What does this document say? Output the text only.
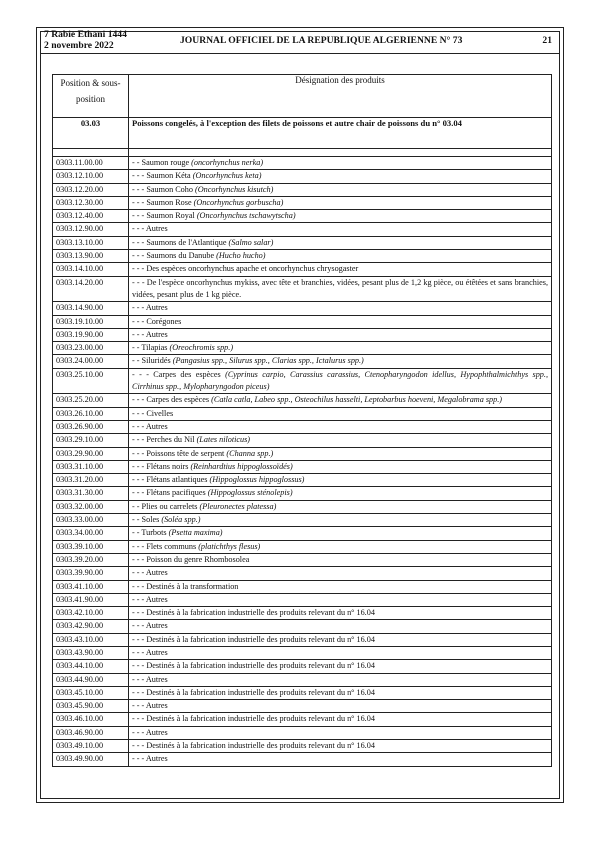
7 Rabie Ethani 1444
2 novembre 2022	JOURNAL OFFICIEL DE LA REPUBLIQUE ALGERIENNE N° 73	21
Position & sous-position	Désignation des produits
03.03	Poissons congelés, à l'exception des filets de poissons et autre chair de poissons du n° 03.04

0303.11.00.00	- - Saumon rouge (oncorhynchus nerka)
0303.12.10.00	- - - Saumon Kéta (Oncorhynchus keta)
0303.12.20.00	- - - Saumon Coho (Oncorhynchus kisutch)
0303.12.30.00	- - - Saumon Rose (Oncorhynchus gorbuscha)
0303.12.40.00	- - - Saumon Royal (Oncorhynchus tschawytscha)
0303.12.90.00	- - - Autres
0303.13.10.00	- - - Saumons de l'Atlantique (Salmo salar)
0303.13.90.00	- - - Saumons du Danube (Hucho hucho)
0303.14.10.00	- - - Des espèces oncorhynchus apache et oncorhynchus chrysogaster
0303.14.20.00	- - - De l'espèce oncorhynchus mykiss, avec tête et branchies, vidées, pesant plus de 1,2 kg pièce, ou étêtées et sans branchies, vidées, pesant plus de 1 kg pièce.
0303.14.90.00	- - - Autres
0303.19.10.00	- - - Corégones
0303.19.90.00	- - - Autres
0303.23.00.00	- - Tilapias (Oreochromis spp.)
0303.24.00.00	- - Siluridés (Pangasius spp., Silurus spp., Clarias spp., Ictalurus spp.)
0303.25.10.00	- - - Carpes des espèces (Cyprinus carpio, Carassius carassius, Ctenopharyngodon idellus, Hypophthalmichthys spp., Cirrhinus spp., Mylopharyngodon piceus)
0303.25.20.00	- - - Carpes des espèces (Catla catla, Labeo spp., Osteochilus hasselti, Leptobarbus hoeveni, Megalobrama spp.)
0303.26.10.00	- - - Civelles
0303.26.90.00	- - - Autres
0303.29.10.00	- - - Perches du Nil (Lates niloticus)
0303.29.90.00	- - - Poissons tête de serpent (Channa spp.)
0303.31.10.00	- - - Flétans noirs (Reinhardtius hippoglossoïdés)
0303.31.20.00	- - - Flétans atlantiques (Hippoglossus hippoglossus)
0303.31.30.00	- - - Flétans pacifiques (Hippoglossus sténolepis)
0303.32.00.00	- - Plies ou carrelets (Pleuronectes platessa)
0303.33.00.00	- - Soles (Soléa spp.)
0303.34.00.00	- - Turbots (Psetta maxima)
0303.39.10.00	- - - Flets communs (platichthys flesus)
0303.39.20.00	- - - Poisson du genre Rhombosolea
0303.39.90.00	- - - Autres
0303.41.10.00	- - - Destinés à la transformation
0303.41.90.00	- - - Autres
0303.42.10.00	- - - Destinés à la fabrication industrielle des produits relevant du n° 16.04
0303.42.90.00	- - - Autres
0303.43.10.00	- - - Destinés à la fabrication industrielle des produits relevant du n° 16.04
0303.43.90.00	- - - Autres
0303.44.10.00	- - - Destinés à la fabrication industrielle des produits relevant du n° 16.04
0303.44.90.00	- - - Autres
0303.45.10.00	- - - Destinés à la fabrication industrielle des produits relevant du n° 16.04
0303.45.90.00	- - - Autres
0303.46.10.00	- - - Destinés à la fabrication industrielle des produits relevant du n° 16.04
0303.46.90.00	- - - Autres
0303.49.10.00	- - - Destinés à la fabrication industrielle des produits relevant du n° 16.04
0303.49.90.00	- - - Autres
